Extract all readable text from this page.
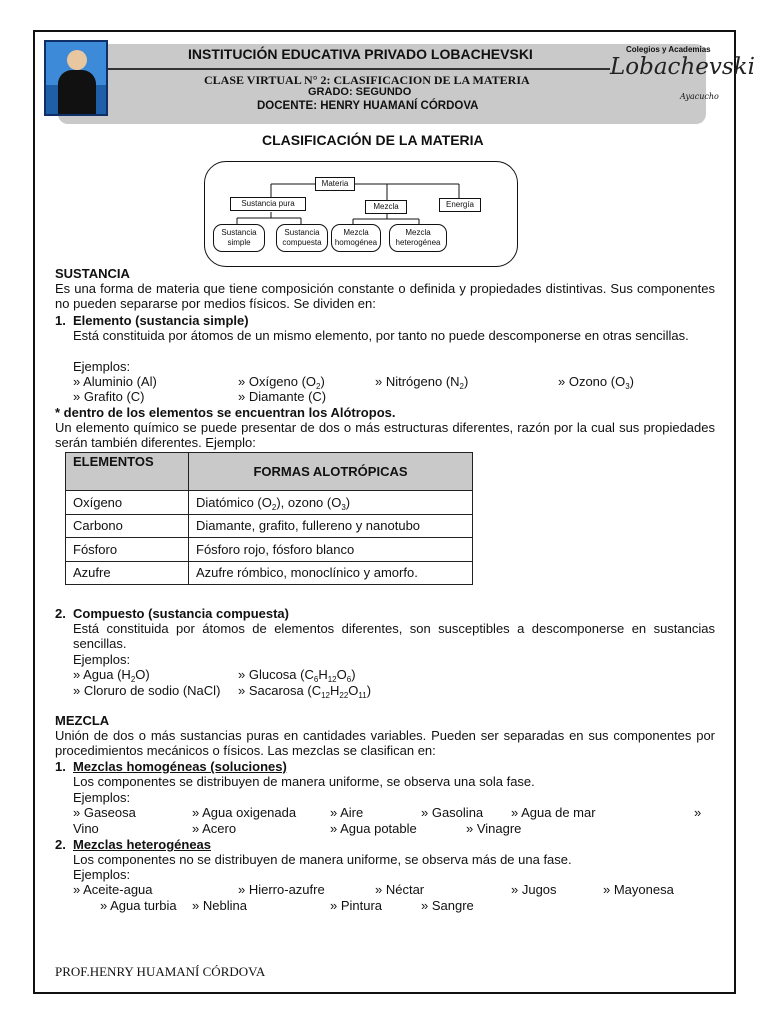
Colegios y Academias
Lobachevski
Ayacucho
INSTITUCIÓN EDUCATIVA PRIVADO LOBACHEVSKI
CLASE VIRTUAL N° 2: CLASIFICACION DE LA MATERIA
GRADO: SEGUNDO
DOCENTE: HENRY HUAMANÍ CÓRDOVA
CLASIFICACIÓN DE LA MATERIA
Materia
Sustancia pura	Mezcla	Energía
Sustancia
simple
Sustancia
compuesta
Mezcla
homogénea
Mezcla
heterogénea
SUSTANCIA
Es una forma de materia que tiene composición constante o definida y propiedades distintivas. Sus componentes no pueden separarse por medios físicos. Se dividen en:
1. Elemento (sustancia simple)
Está constituida por átomos de un mismo elemento, por tanto no puede descomponerse en otras sencillas.
Ejemplos:
» Aluminio (Al)	» Oxígeno $(O_2)$	» Nitrógeno $(N_2)$	» Ozono $(O_3)$
» Grafito (C)	» Diamante (C)
* dentro de los elementos se encuentran los Alótropos.
Un elemento químico se puede presentar de dos o más estructuras diferentes, razón por la cual sus propiedades serán también diferentes. Ejemplo:
ELEMENTOS	FORMAS ALOTRÓPICAS
Oxígeno	Diatómico $(O_2)$, ozono $(O_3)$
Carbono	Diamante, grafito, fullereno y nanotubo
Fósforo	Fósforo rojo, fósforo blanco
Azufre	Azufre rómbico, monoclínico y amorfo.
2. Compuesto (sustancia compuesta)
Está constituida por átomos de elementos diferentes, son susceptibles a descomponerse en sustancias sencillas.
Ejemplos:
» Agua $(H_2O)$	» Glucosa $(C_6H_{12}O_6)$
» Cloruro de sodio (NaCl) » Sacarosa $(C_{12}H_{22}O_{11})$
MEZCLA
Unión de dos o más sustancias puras en cantidades variables. Pueden ser separadas en sus componentes por procedimientos mecánicos o físicos. Las mezclas se clasifican en:
1. Mezclas homogéneas (soluciones)
Los componentes se distribuyen de manera uniforme, se observa una sola fase.
Ejemplos:
» Gaseosa	» Agua oxigenada	» Aire	» Gasolina » Agua de mar	»
Vino	» Acero	» Agua potable	» Vinagre
2. Mezclas heterogéneas
Los componentes no se distribuyen de manera uniforme, se observa más de una fase.
Ejemplos:
» Aceite-agua	» Hierro-azufre	» Néctar	» Jugos	» Mayonesa
» Agua turbia » Neblina	» Pintura	» Sangre
PROF.HENRY HUAMANÍ CÓRDOVA
